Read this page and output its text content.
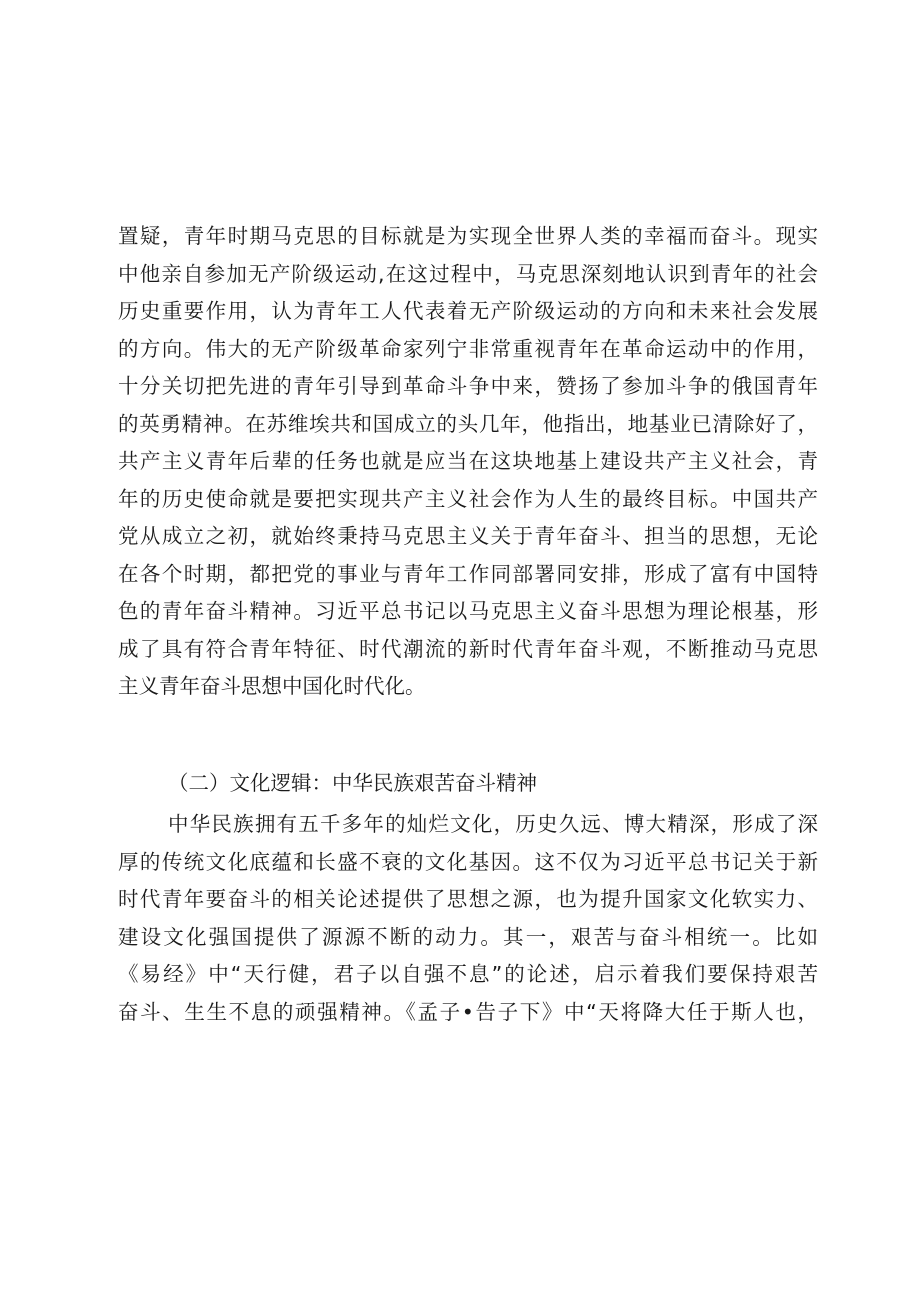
置疑，青年时期马克思的目标就是为实现全世界人类的幸福而奋斗。现实
中他亲自参加无产阶级运动,在这过程中，马克思深刻地认识到青年的社会
历史重要作用，认为青年工人代表着无产阶级运动的方向和未来社会发展
的方向。伟大的无产阶级革命家列宁非常重视青年在革命运动中的作用，
十分关切把先进的青年引导到革命斗争中来，赞扬了参加斗争的俄国青年
的英勇精神。在苏维埃共和国成立的头几年，他指出，地基业已清除好了，
共产主义青年后辈的任务也就是应当在这块地基上建设共产主义社会，青
年的历史使命就是要把实现共产主义社会作为人生的最终目标。中国共产
党从成立之初，就始终秉持马克思主义关于青年奋斗、担当的思想，无论
在各个时期，都把党的事业与青年工作同部署同安排，形成了富有中国特
色的青年奋斗精神。习近平总书记以马克思主义奋斗思想为理论根基，形
成了具有符合青年特征、时代潮流的新时代青年奋斗观，不断推动马克思
主义青年奋斗思想中国化时代化。
（二）文化逻辑：中华民族艰苦奋斗精神
中华民族拥有五千多年的灿烂文化，历史久远、博大精深，形成了深
厚的传统文化底蕴和长盛不衰的文化基因。这不仅为习近平总书记关于新
时代青年要奋斗的相关论述提供了思想之源，也为提升国家文化软实力、
建设文化强国提供了源源不断的动力。其一，艰苦与奋斗相统一。比如
《易经》中“天行健，君子以自强不息”的论述，启示着我们要保持艰苦
奋斗、生生不息的顽强精神。《孟子•告子下》中“天将降大任于斯人也，
